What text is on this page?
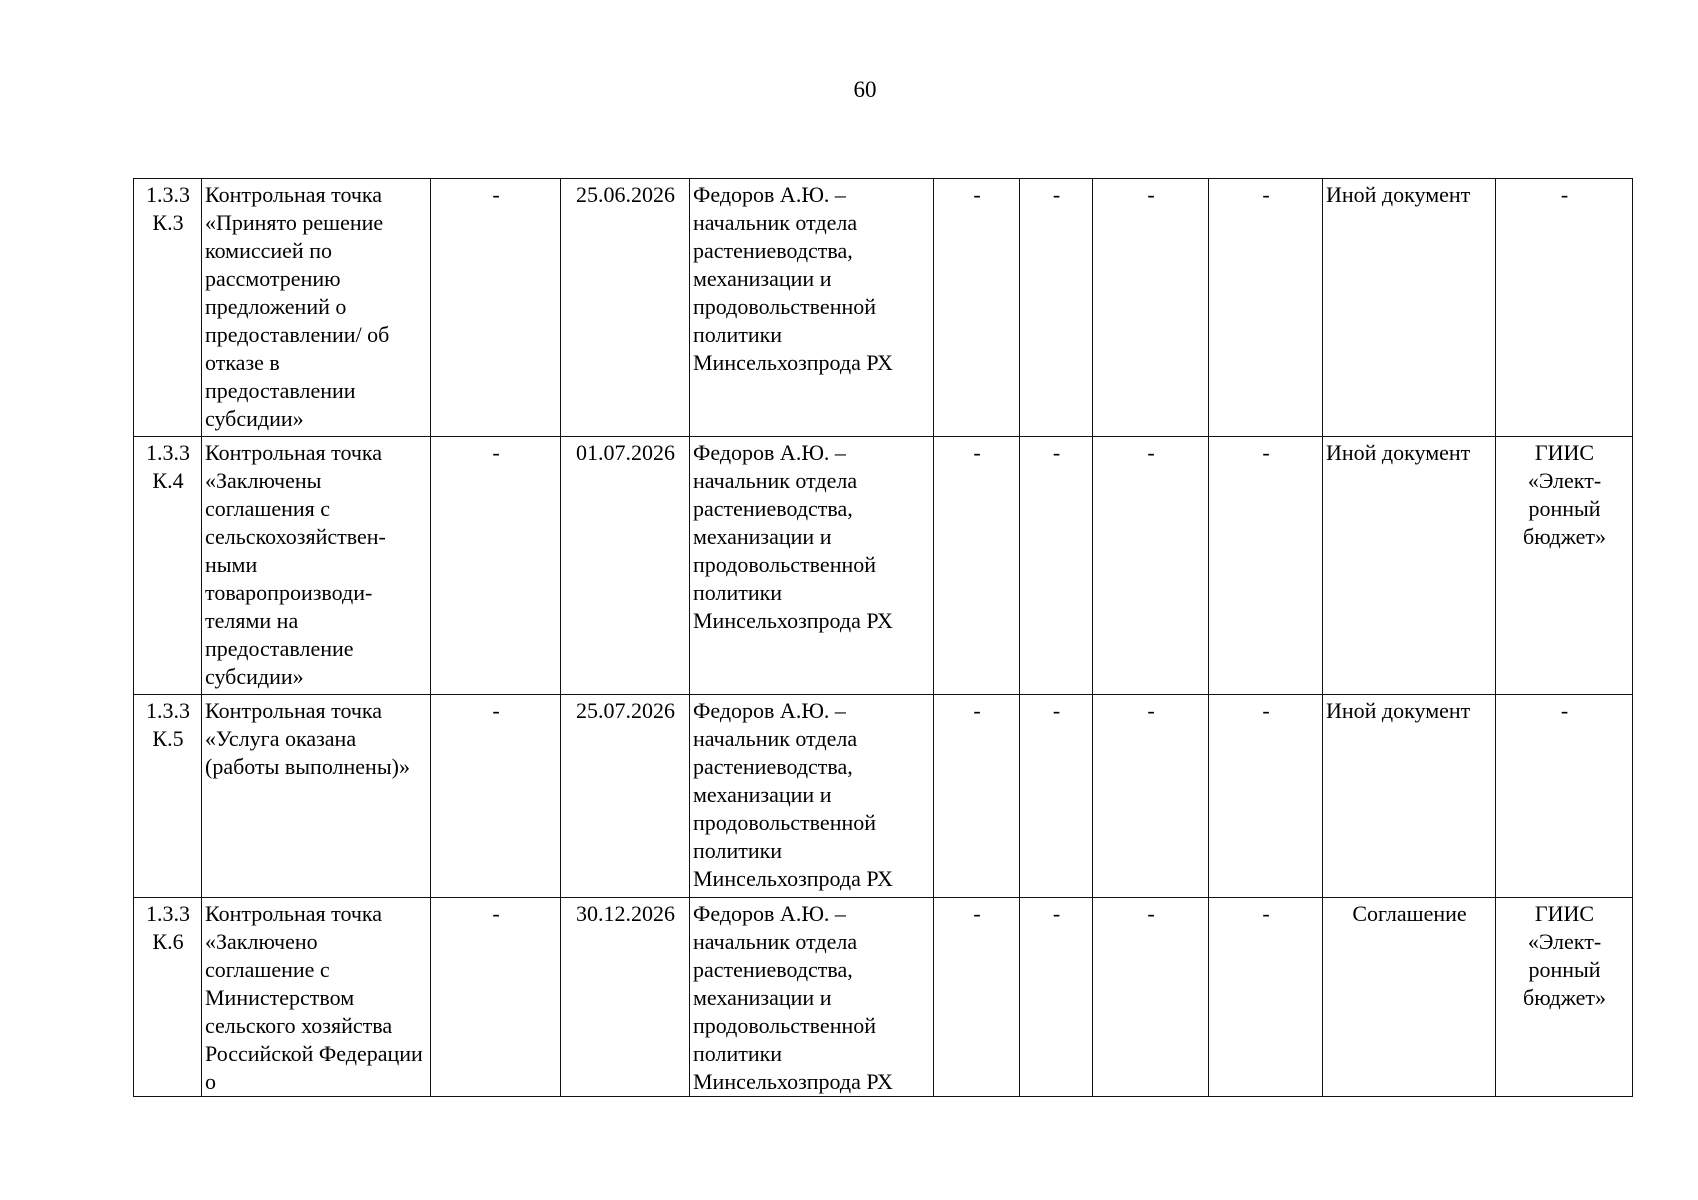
60
1.3.3 К.3	Контрольная точка «Принято решение комиссией по рассмотрению предложений о предоставлении/ об отказе в предоставлении субсидии»	-	25.06.2026	Федоров А.Ю. – начальник отдела растениеводства, механизации и продовольственной политики Минсельхозпрода РХ	-	-	-	-	Иной документ	-
1.3.3 К.4	Контрольная точка «Заключены соглашения с сельскохозяйствен-ными товаропроизводи-телями на предоставление субсидии»	-	01.07.2026	Федоров А.Ю. – начальник отдела растениеводства, механизации и продовольственной политики Минсельхозпрода РХ	-	-	-	-	Иной документ	ГИИС «Элект-ронный бюджет»
1.3.3 К.5	Контрольная точка «Услуга оказана (работы выполнены)»	-	25.07.2026	Федоров А.Ю. – начальник отдела растениеводства, механизации и продовольственной политики Минсельхозпрода РХ	-	-	-	-	Иной документ	-
1.3.3 К.6	Контрольная точка «Заключено соглашение с Министерством сельского хозяйства Российской Федерации о	-	30.12.2026	Федоров А.Ю. – начальник отдела растениеводства, механизации и продовольственной политики Минсельхозпрода РХ	-	-	-	-	Соглашение	ГИИС «Элект-ронный бюджет»
